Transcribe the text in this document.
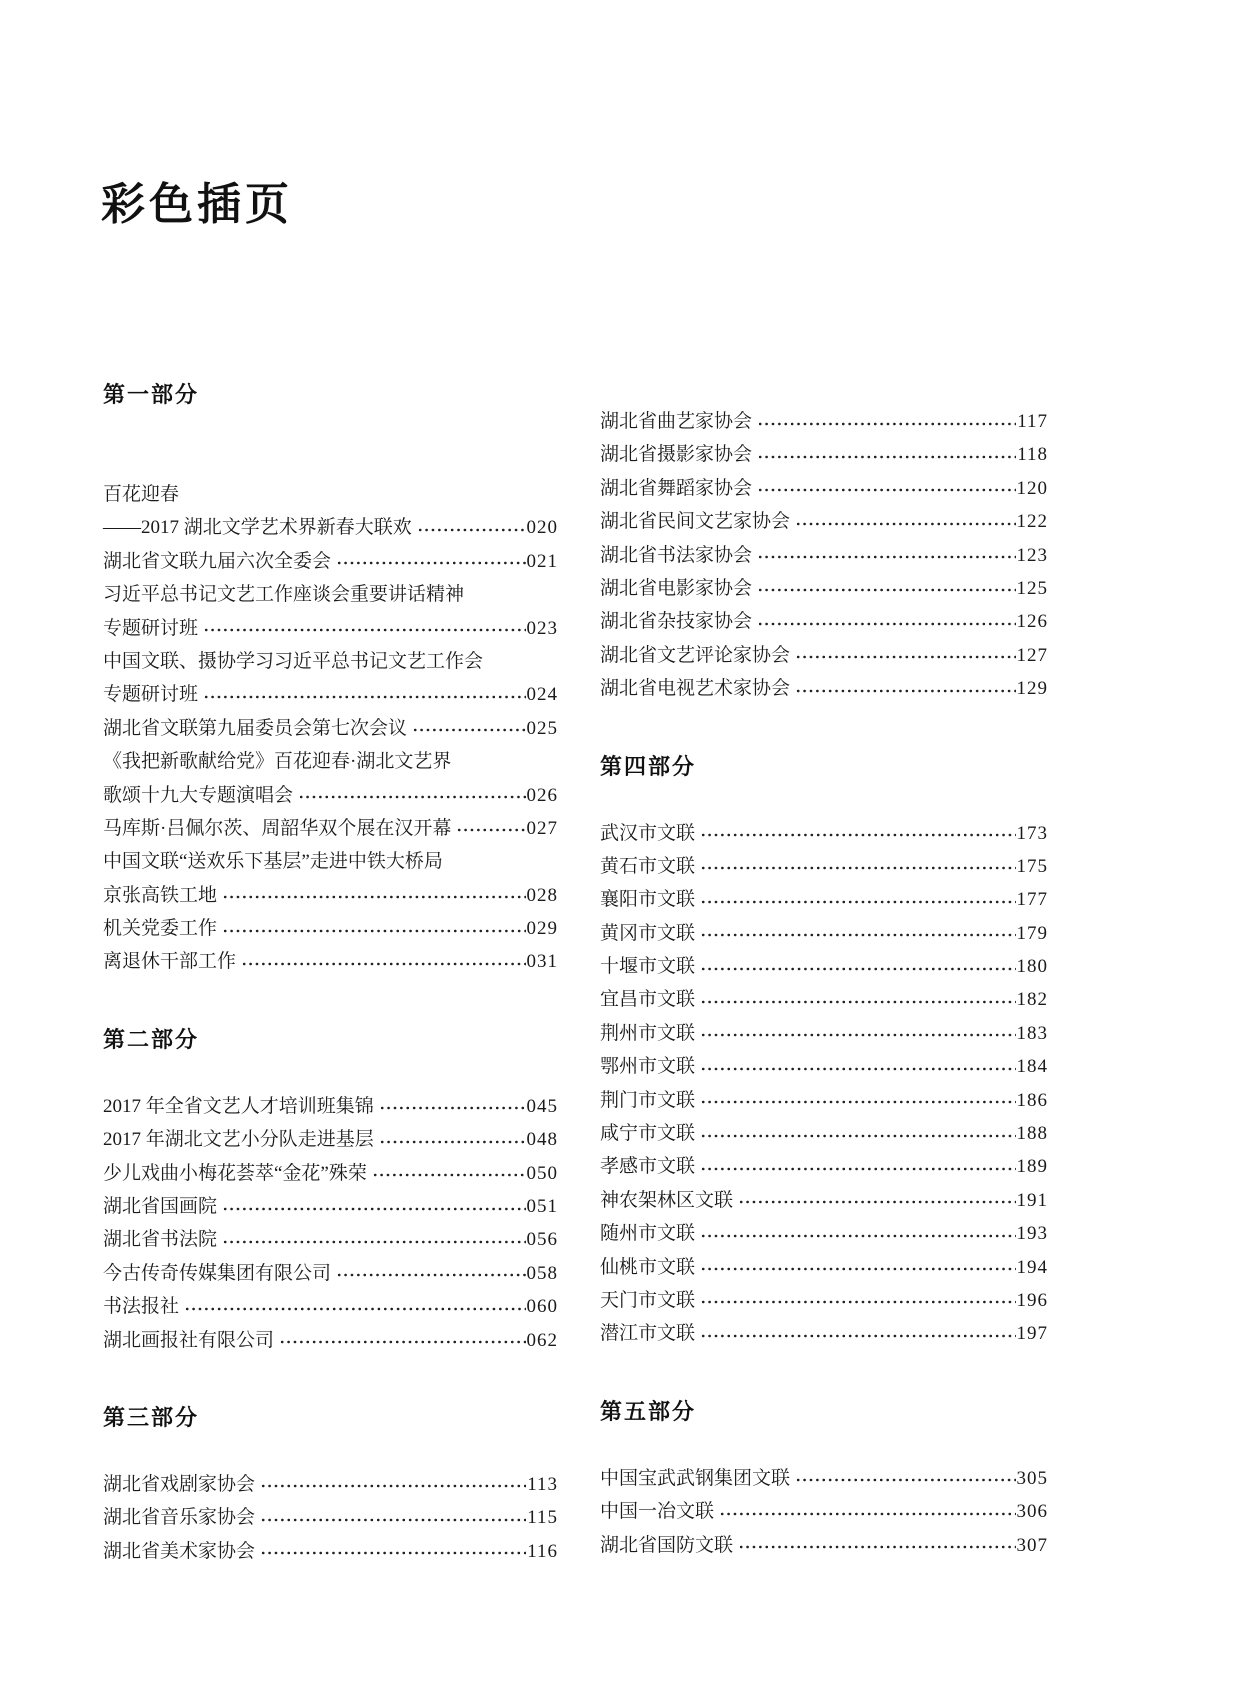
彩色插页
第一部分
百花迎春
——2017 湖北文学艺术界新春大联欢	020
湖北省文联九届六次全委会	021
习近平总书记文艺工作座谈会重要讲话精神
专题研讨班	023
中国文联、摄协学习习近平总书记文艺工作会
专题研讨班	024
湖北省文联第九届委员会第七次会议	025
《我把新歌献给党》百花迎春·湖北文艺界
歌颂十九大专题演唱会	026
马库斯·吕佩尔茨、周韶华双个展在汉开幕	027
中国文联“送欢乐下基层”走进中铁大桥局
京张高铁工地	028
机关党委工作	029
离退休干部工作	031
第二部分
2017 年全省文艺人才培训班集锦	045
2017 年湖北文艺小分队走进基层	048
少儿戏曲小梅花荟萃“金花”殊荣	050
湖北省国画院	051
湖北省书法院	056
今古传奇传媒集团有限公司	058
书法报社	060
湖北画报社有限公司	062
第三部分
湖北省戏剧家协会	113
湖北省音乐家协会	115
湖北省美术家协会	116
湖北省曲艺家协会	117
湖北省摄影家协会	118
湖北省舞蹈家协会	120
湖北省民间文艺家协会	122
湖北省书法家协会	123
湖北省电影家协会	125
湖北省杂技家协会	126
湖北省文艺评论家协会	127
湖北省电视艺术家协会	129
第四部分
武汉市文联	173
黄石市文联	175
襄阳市文联	177
黄冈市文联	179
十堰市文联	180
宜昌市文联	182
荆州市文联	183
鄂州市文联	184
荆门市文联	186
咸宁市文联	188
孝感市文联	189
神农架林区文联	191
随州市文联	193
仙桃市文联	194
天门市文联	196
潜江市文联	197
第五部分
中国宝武武钢集团文联	305
中国一冶文联	306
湖北省国防文联	307
